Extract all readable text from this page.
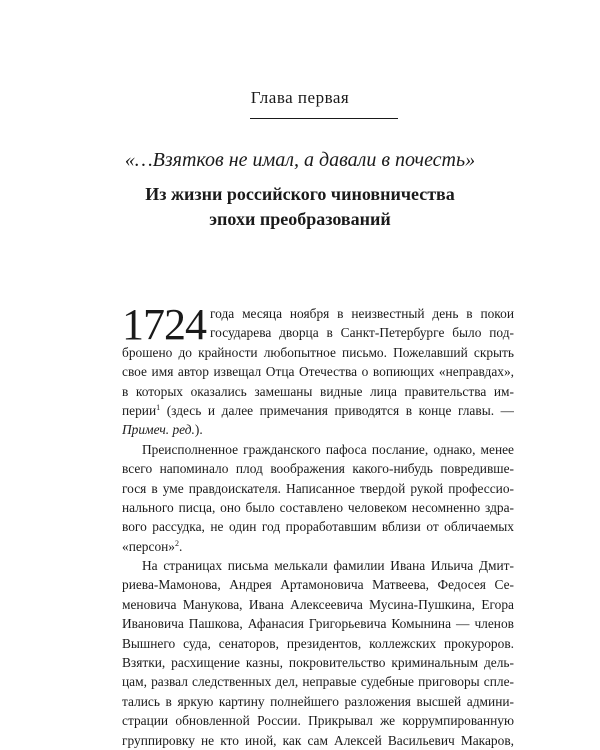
Глава первая
«…Взятков не имал, а давали в почесть»
Из жизни российского чиновничества
эпохи преобразований
1724 года месяца ноября в неизвестный день в покои
государева дворца в Санкт-Петербурге было под-
брошено до крайности любопытное письмо. Пожелавший скрыть
свое имя автор извещал Отца Отечества о вопиющих «неправдах»,
в которых оказались замешаны видные лица правительства им-
перии$^1$ (здесь и далее примечания приводятся в конце главы. —
Примеч. ред.).
Преисполненное гражданского пафоса послание, однако, менее
всего напоминало плод воображения какого-нибудь повредивше-
гося в уме правдоискателя. Написанное твердой рукой профессио-
нального писца, оно было составлено человеком несомненно здра-
вого рассудка, не один год проработавшим вблизи от обличаемых
«персон»$^2$.
На страницах письма мелькали фамилии Ивана Ильича Дмит-
риева-Мамонова, Андрея Артамоновича Матвеева, Федосея Се-
меновича Манукова, Ивана Алексеевича Мусина-Пушкина, Егора
Ивановича Пашкова, Афанасия Григорьевича Комынина — членов
Вышнего суда, сенаторов, президентов, коллежских прокуроров.
Взятки, расхищение казны, покровительство криминальным дель-
цам, развал следственных дел, неправые судебные приговоры спле-
тались в яркую картину полнейшего разложения высшей админи-
страции обновленной России. Прикрывал же коррумпированную
группировку не кто иной, как сам Алексей Васильевич Макаров,
